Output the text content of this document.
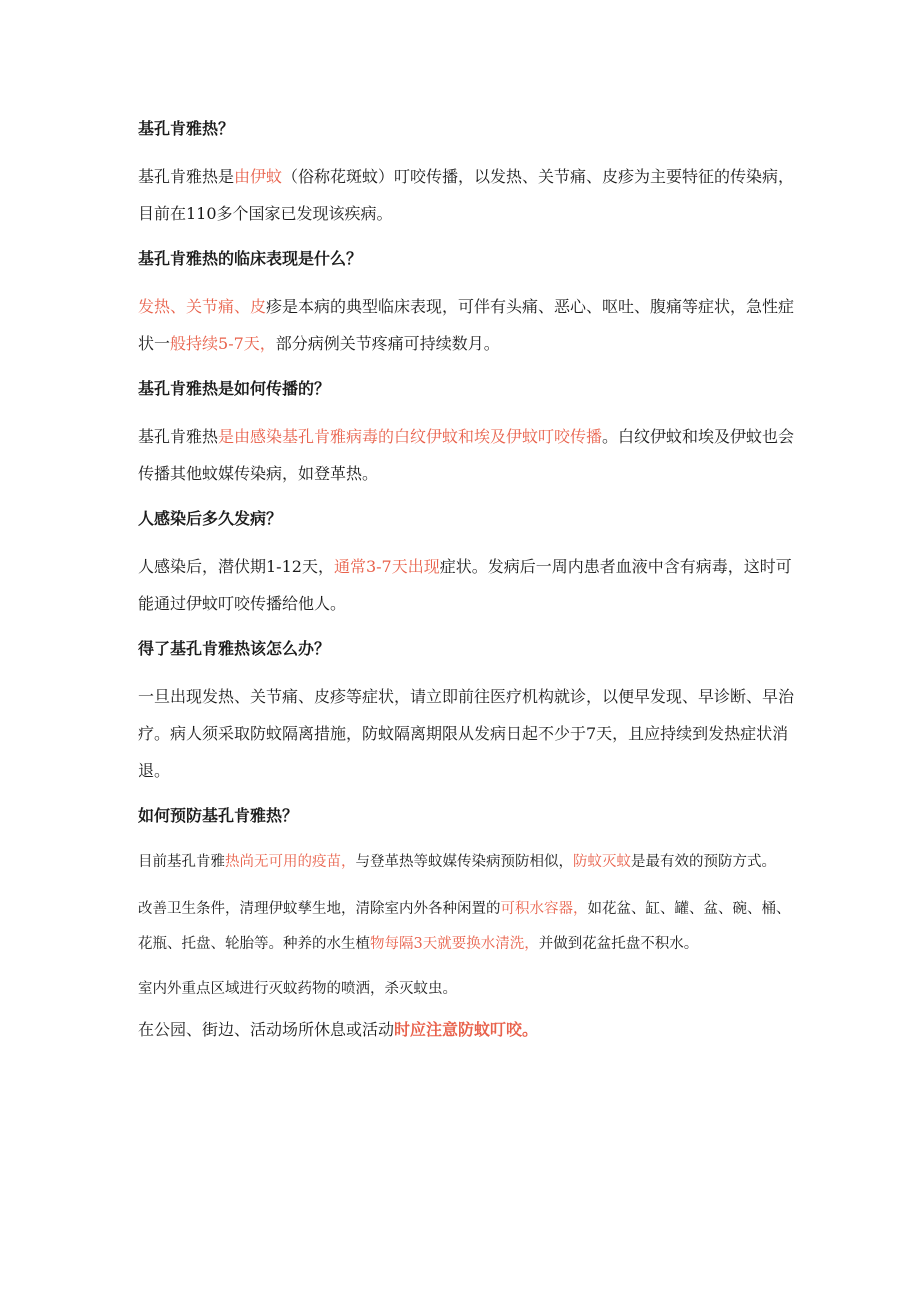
基孔肯雅热？

基孔肯雅热是由伊蚊（俗称花斑蚊）叮咬传播，以发热、关节痛、皮疹为主要特征的传染病，目前在110多个国家已发现该疾病。

基孔肯雅热的临床表现是什么？

发热、关节痛、皮疹是本病的典型临床表现，可伴有头痛、恶心、呕吐、腹痛等症状，急性症状一般持续5-7天，部分病例关节疼痛可持续数月。

基孔肯雅热是如何传播的？

基孔肯雅热是由感染基孔肯雅病毒的白纹伊蚊和埃及伊蚊叮咬传播。白纹伊蚊和埃及伊蚊也会传播其他蚊媒传染病，如登革热。

人感染后多久发病？

人感染后，潜伏期1-12天，通常3-7天出现症状。发病后一周内患者血液中含有病毒，这时可能通过伊蚊叮咬传播给他人。

得了基孔肯雅热该怎么办？

一旦出现发热、关节痛、皮疹等症状，请立即前往医疗机构就诊，以便早发现、早诊断、早治疗。病人须采取防蚊隔离措施，防蚊隔离期限从发病日起不少于7天，且应持续到发热症状消退。

如何预防基孔肯雅热？

目前基孔肯雅热尚无可用的疫苗，与登革热等蚊媒传染病预防相似，防蚊灭蚊是最有效的预防方式。

改善卫生条件，清理伊蚊孳生地，清除室内外各种闲置的可积水容器，如花盆、缸、罐、盆、碗、桶、花瓶、托盘、轮胎等。种养的水生植物每隔3天就要换水清洗，并做到花盆托盘不积水。

室内外重点区域进行灭蚊药物的喷洒，杀灭蚊虫。

在公园、街边、活动场所休息或活动时应注意防蚊叮咬。
